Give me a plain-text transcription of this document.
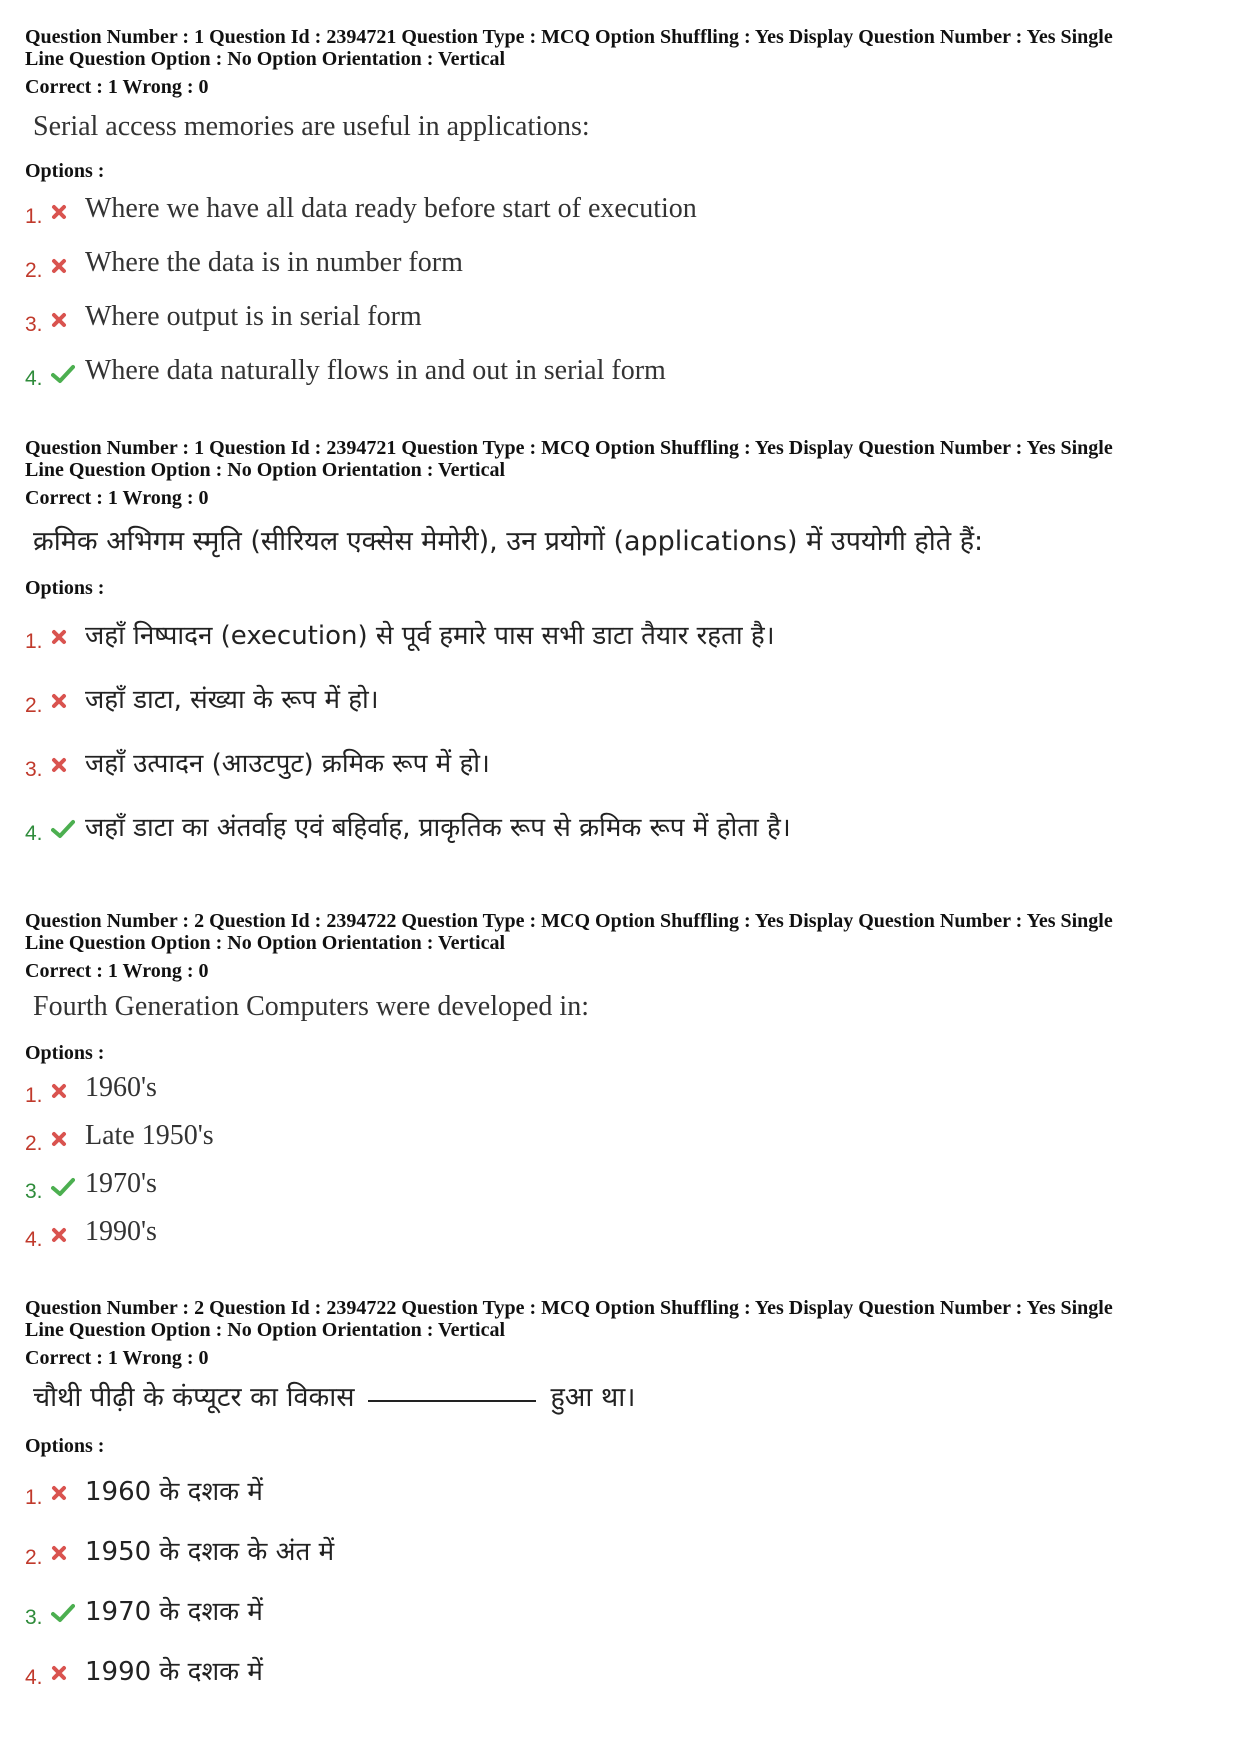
Question Number : 1 Question Id : 2394721 Question Type : MCQ Option Shuffling : Yes Display Question Number : Yes Single
Line Question Option : No Option Orientation : Vertical
Correct : 1 Wrong : 0
Serial access memories are useful in applications:
Options :
1.	Where we have all data ready before start of execution
2.	Where the data is in number form
3.	Where output is in serial form
4.	Where data naturally flows in and out in serial form
Question Number : 1 Question Id : 2394721 Question Type : MCQ Option Shuffling : Yes Display Question Number : Yes Single
Line Question Option : No Option Orientation : Vertical
Correct : 1 Wrong : 0
क्रमिक अभिगम स्मृति (सीरियल एक्सेस मेमोरी), उन प्रयोगों (applications) में उपयोगी होते हैं:
Options :
1.	जहाँ निष्पादन (execution) से पूर्व हमारे पास सभी डाटा तैयार रहता है।
2.	जहाँ डाटा, संख्या के रूप में हो।
3.	जहाँ उत्पादन (आउटपुट) क्रमिक रूप में हो।
4.	जहाँ डाटा का अंतर्वाह एवं बहिर्वाह, प्राकृतिक रूप से क्रमिक रूप में होता है।
Question Number : 2 Question Id : 2394722 Question Type : MCQ Option Shuffling : Yes Display Question Number : Yes Single
Line Question Option : No Option Orientation : Vertical
Correct : 1 Wrong : 0
Fourth Generation Computers were developed in:
Options :
1.	1960's
2.	Late 1950's
3.	1970's
4.	1990's
Question Number : 2 Question Id : 2394722 Question Type : MCQ Option Shuffling : Yes Display Question Number : Yes Single
Line Question Option : No Option Orientation : Vertical
Correct : 1 Wrong : 0
चौथी पीढ़ी के कंप्यूटर का विकास	हुआ था।
Options :
1.	1960 के दशक में
2.	1950 के दशक के अंत में
3.	1970 के दशक में
4.	1990 के दशक में
